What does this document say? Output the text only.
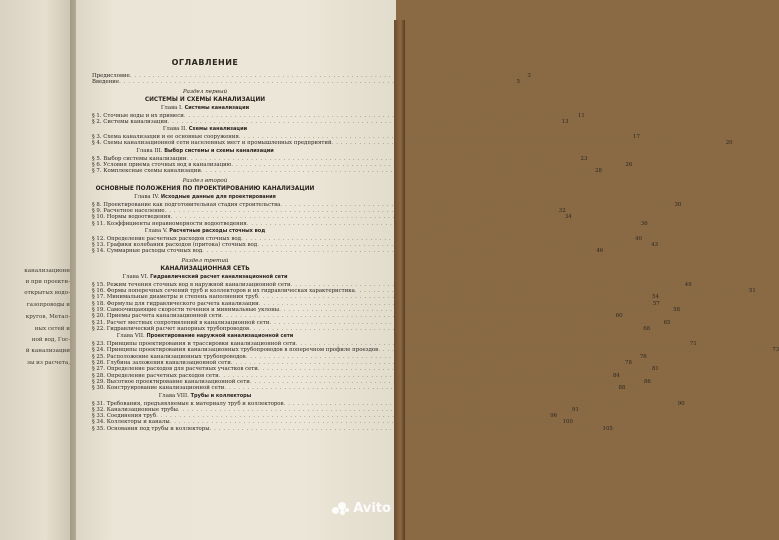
канализационн
и при проекти-
открытых водо-
газопроводы и
кругов, Метал-
ных сетей и
ной вод, Гос-
й канализации
зы из расчета,
ОГЛАВЛЕНИЕ
Предисловие . . .	3
Введение . . .	5
Раздел первый
СИСТЕМЫ И СХЕМЫ КАНАЛИЗАЦИИ
Глава I. Системы канализации
§ 1. Сточные воды и их примеси . . .	11
§ 2. Системы канализации . . .	13
Глава II. Схемы канализации
§ 3. Схема канализации и ее основные сооружения . . .	17
§ 4. Схемы канализационной сети населенных мест и промышленных предприятий . . .	20
Глава III. Выбор системы и схемы канализации
§ 5. Выбор системы канализации . . .	23
§ 6. Условия приема сточных вод в канализацию . . .	26
§ 7. Комплексные схемы канализации . . .	28
Раздел второй
ОСНОВНЫЕ ПОЛОЖЕНИЯ ПО ПРОЕКТИРОВАНИЮ КАНАЛИЗАЦИИ
Глава IV. Исходные данные для проектирования
§ 8. Проектирование как подготовительная стадия строительства . . .	30
§ 9. Расчетное население . . .	32
§ 10. Нормы водоотведения . . .	34
§ 11. Коэффициенты неравномерности водоотведения . . .	36
Глава V. Расчетные расходы сточных вод
§ 12. Определение расчетных расходов сточных вод . . .	40
§ 13. Графики колебания расходов (притока) сточных вод . . .	43
§ 14. Суммарные расходы сточных вод . . .	46
Раздел третий
КАНАЛИЗАЦИОННАЯ СЕТЬ
Глава VI. Гидравлический расчет канализационной сети
§ 15. Режим течения сточных вод в наружной канализационной сети . . .	49
§ 16. Формы поперечных сечений труб и коллекторов и их гидравлическая характеристика . . .	51
§ 17. Минимальные диаметры и степень наполнения труб . . .	54
§ 18. Формулы для гидравлического расчета канализации . . .	57
§ 19. Самоочищающие скорости течения и минимальные уклоны . . .	58
§ 20. Приемы расчета канализационной сети . . .	60
§ 21. Расчет местных сопротивлений в канализационной сети . . .	65
§ 22. Гидравлический расчет напорных трубопроводов . . .	68
Глава VII. Проектирование наружной канализационной сети
§ 23. Принципы проектирования и трассировки канализационной сети . . .	71
§ 24. Принципы проектирования канализационных трубопроводов в поперечном профиле проездов . . .	73
§ 25. Расположение канализационных трубопроводов . . .	76
§ 26. Глубина заложения канализационной сети . . .	78
§ 27. Определение расходов для расчетных участков сети . . .	81
§ 28. Определение расчетных расходов сети . . .	84
§ 29. Высотное проектирование канализационной сети . . .	86
§ 30. Конструирование канализационной сети . . .	88
Глава VIII. Трубы и коллекторы
§ 31. Требования, предъявляемые к материалу труб и коллекторов . . .	90
§ 32. Канализационные трубы . . .	91
§ 33. Соединения труб . . .	96
§ 34. Коллекторы и каналы . . .	100
§ 35. Основания под трубы и коллекторы . . .	105
Avito
